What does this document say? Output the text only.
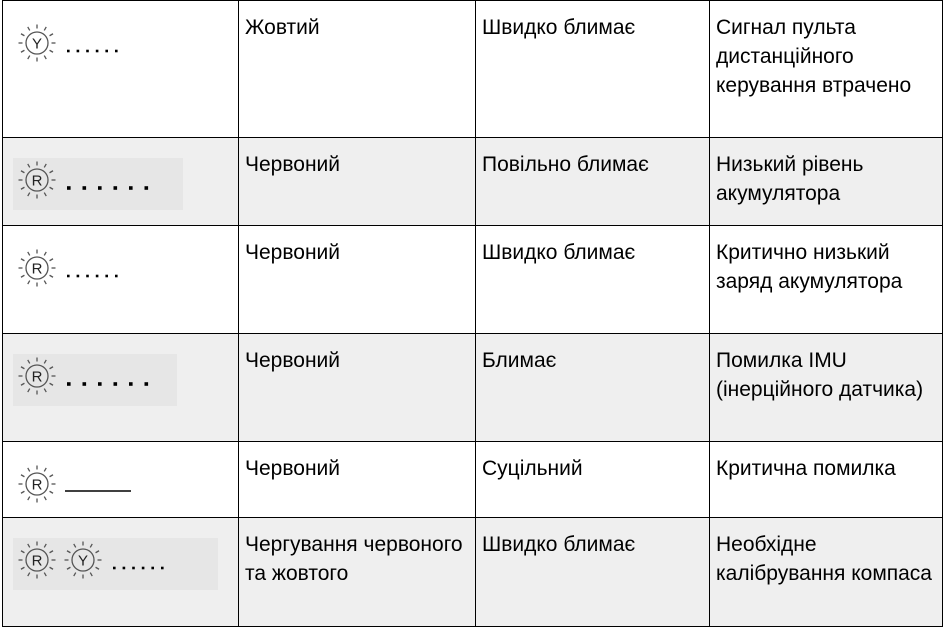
Y	Жовтий	Швидко блимає	Сигнал пульта дистанційного керування втрачено

R	Червоний	Повільно блимає	Низький рівень акумулятора

R	Червоний	Швидко блимає	Критично низький заряд акумулятора

R	Червоний	Блимає	Помилка IMU (інерційного датчика)

R	Червоний	Суцільний	Критична помилка

R Y	Чергування червоного та жовтого	Швидко блимає	Необхідне калібрування компаса
